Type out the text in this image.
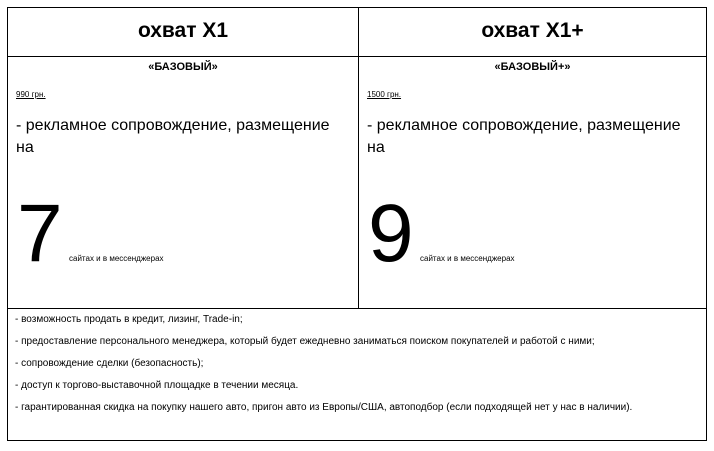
охват X1
«БАЗОВЫЙ»
990 грн.
- рекламное сопровождение, размещение на
7 сайтах и в мессенджерах
охват X1+
«БАЗОВЫЙ+»
1500 грн.
- рекламное сопровождение, размещение на
9 сайтах и в мессенджерах
- возможность продать в кредит, лизинг, Trade-in;
- предоставление персонального менеджера, который будет ежедневно заниматься поиском покупателей и работой с ними;
- сопровождение сделки (безопасность);
- доступ к торгово-выставочной площадке в течении месяца.
- гарантированная скидка на покупку нашего авто, пригон авто из Европы/США, автоподбор (если подходящей нет у нас в наличии).
